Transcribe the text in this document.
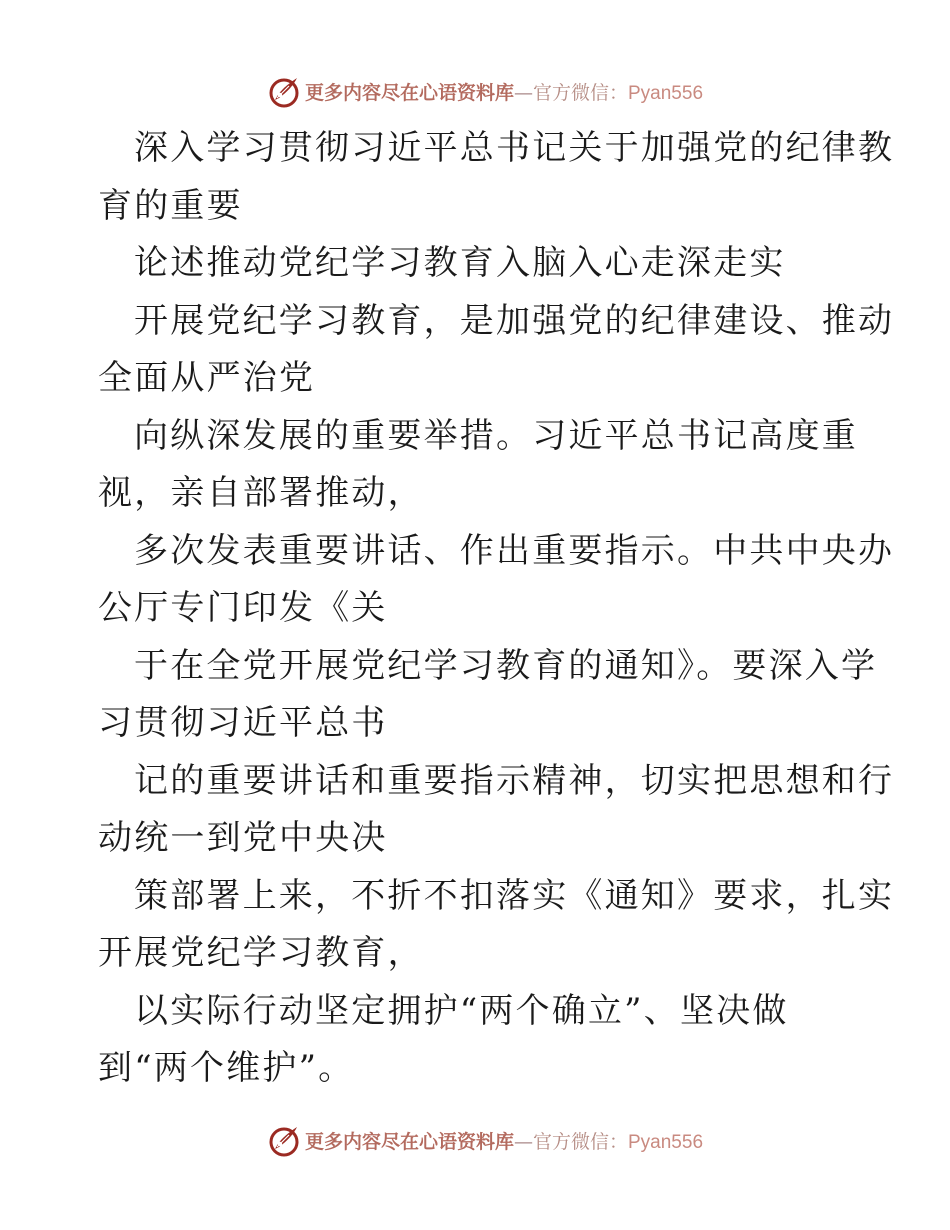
更多内容尽在心语资料库—官方微信：Pyan556
深入学习贯彻习近平总书记关于加强党的纪律教
育的重要
论述推动党纪学习教育入脑入心走深走实
开展党纪学习教育，是加强党的纪律建设、推动
全面从严治党
向纵深发展的重要举措。习近平总书记高度重
视，亲自部署推动，
多次发表重要讲话、作出重要指示。中共中央办
公厅专门印发《关
于在全党开展党纪学习教育的通知》。要深入学
习贯彻习近平总书
记的重要讲话和重要指示精神，切实把思想和行
动统一到党中央决
策部署上来，不折不扣落实《通知》要求，扎实
开展党纪学习教育，
以实际行动坚定拥护“两个确立”、坚决做
到“两个维护”。
更多内容尽在心语资料库—官方微信：Pyan556
